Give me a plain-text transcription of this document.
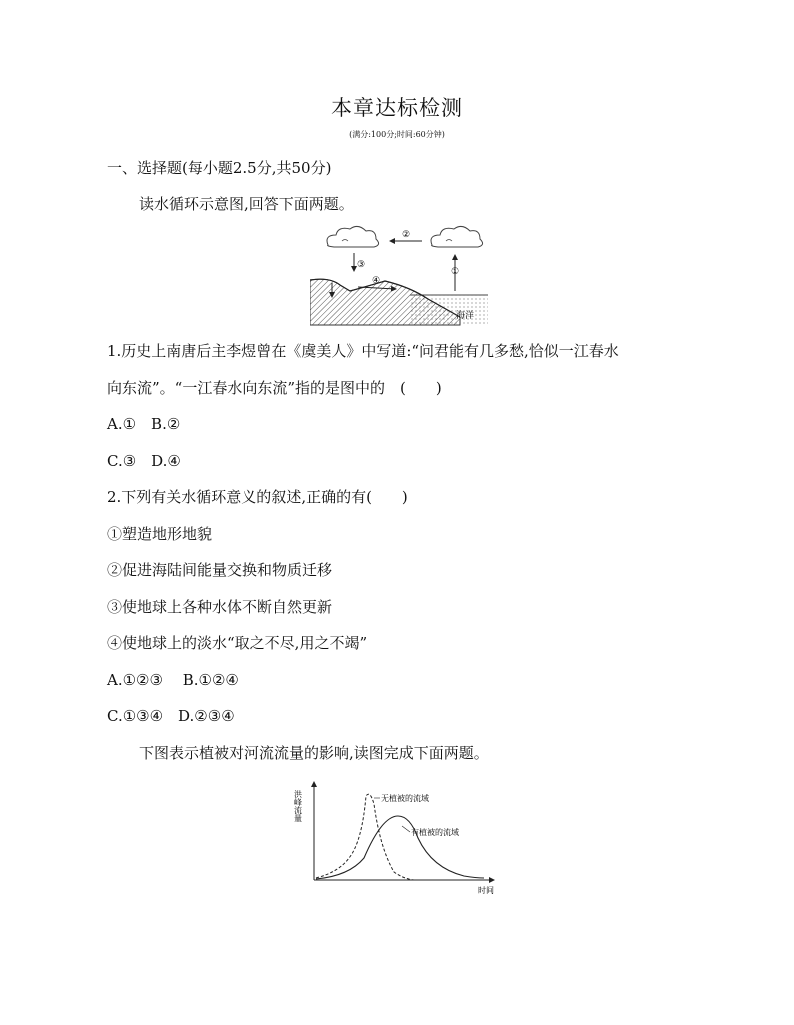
本章达标检测
(满分:100分;时间:60分钟)
一、选择题(每小题2.5分,共50分)
读水循环示意图,回答下面两题。
②
③
①
④
海洋
1.历史上南唐后主李煜曾在《虞美人》中写道:“问君能有几多愁,恰似一江春水
向东流”。“一江春水向东流”指的是图中的　(　　)
A.①　B.②
C.③　D.④
2.下列有关水循环意义的叙述,正确的有(　　)
①塑造地形地貌
②促进海陆间能量交换和物质迁移
③使地球上各种水体不断自然更新
④使地球上的淡水“取之不尽,用之不竭”
A.①②③　 B.①②④
C.①③④　D.②③④
下图表示植被对河流流量的影响,读图完成下面两题。
洪峰流量
时间
无植被的流域
有植被的流域
